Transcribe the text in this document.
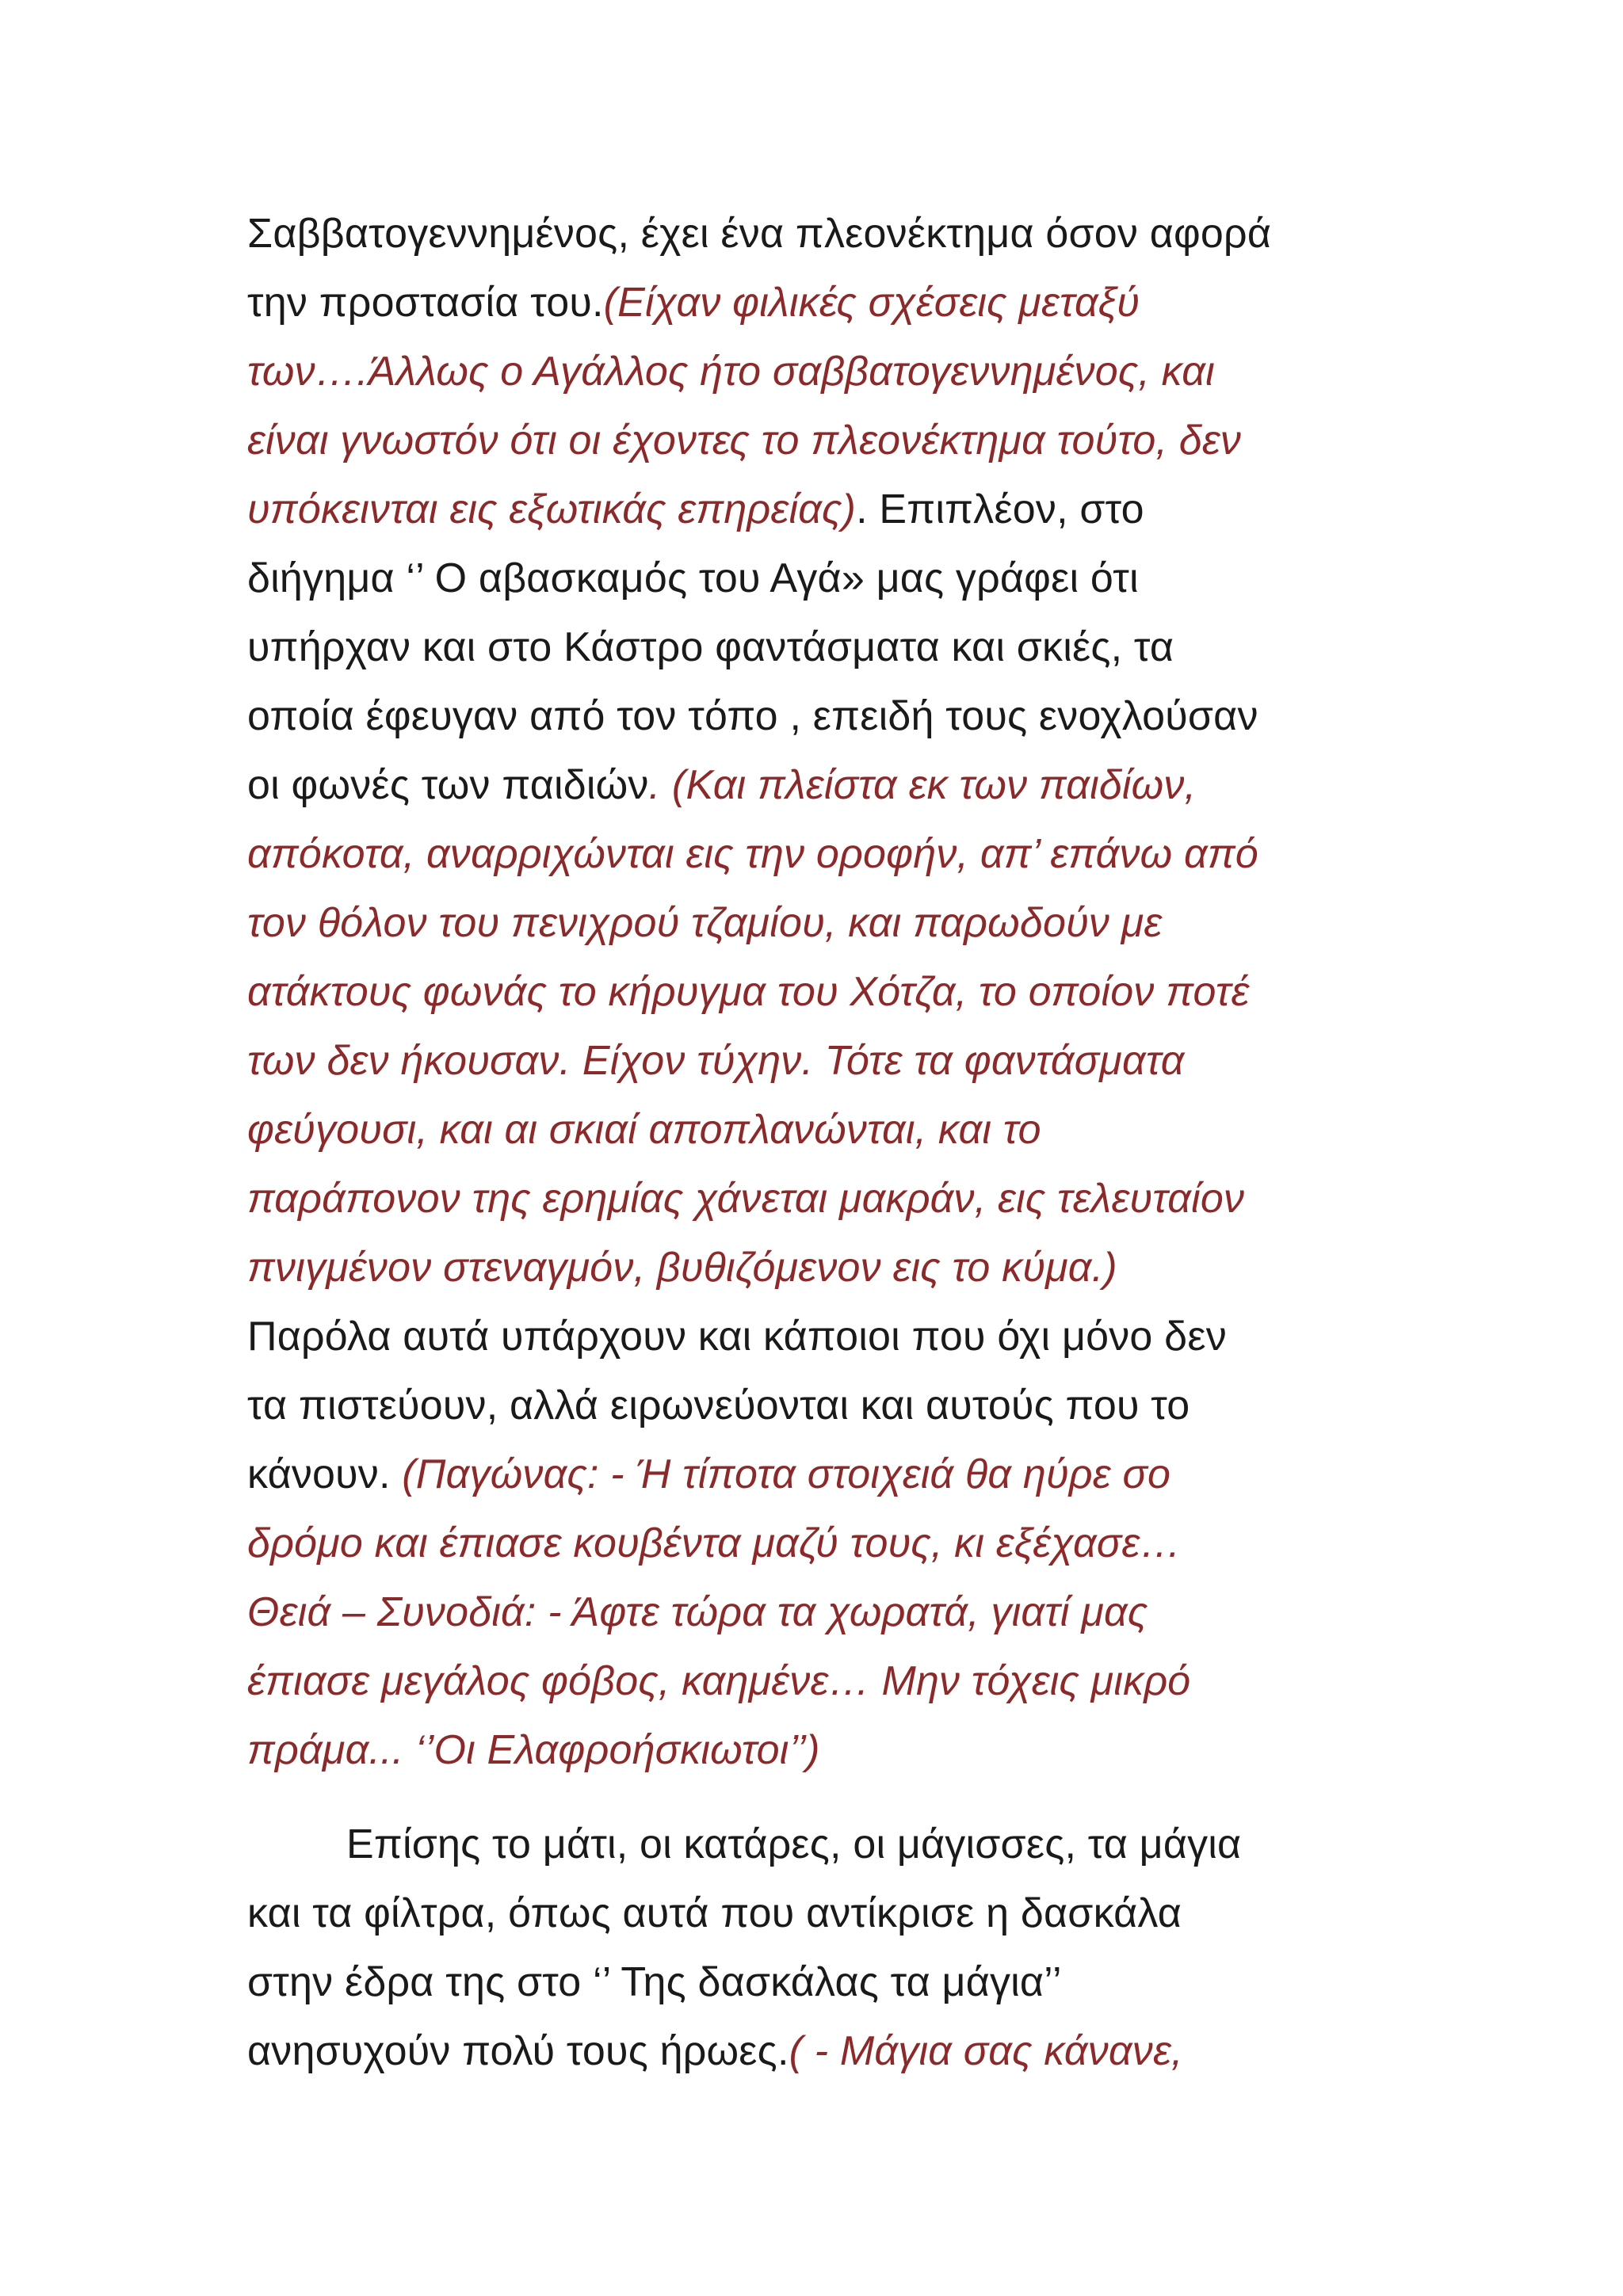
Σαββατογεννημένος, έχει ένα πλεονέκτημα όσον αφορά
την προστασία του.(Είχαν φιλικές σχέσεις μεταξύ
των….Άλλως ο Αγάλλος ήτο σαββατογεννημένος, και
είναι γνωστόν ότι οι έχοντες το πλεονέκτημα τούτο, δεν
υπόκεινται εις εξωτικάς επηρείας). Επιπλέον, στο
διήγημα ‘’ Ο αβασκαμός του Αγά» μας γράφει ότι
υπήρχαν και στο Κάστρο φαντάσματα και σκιές, τα
οποία έφευγαν από τον τόπο , επειδή τους ενοχλούσαν
οι φωνές των παιδιών. (Και πλείστα εκ των παιδίων,
απόκοτα, αναρριχώνται εις την οροφήν, απ’ επάνω από
τον θόλον του πενιχρού τζαμίου, και παρωδούν με
ατάκτους φωνάς το κήρυγμα του Χότζα, το οποίον ποτέ
των δεν ήκουσαν. Είχον τύχην. Τότε τα φαντάσματα
φεύγουσι, και αι σκιαί αποπλανώνται, και το
παράπονον της ερημίας χάνεται μακράν, εις τελευταίον
πνιγμένον στεναγμόν, βυθιζόμενον εις το κύμα.)
Παρόλα αυτά υπάρχουν και κάποιοι που όχι μόνο δεν
τα πιστεύουν, αλλά ειρωνεύονται και αυτούς που το
κάνουν. (Παγώνας: - Ή τίποτα στοιχειά θα ηύρε σο
δρόμο και έπιασε κουβέντα μαζύ τους, κι εξέχασε…
Θειά – Συνοδιά: - Άφτε τώρα τα χωρατά, γιατί μας
έπιασε μεγάλος φόβος, καημένε… Μην τόχεις μικρό
πράμα... ‘’Οι Ελαφροήσκιωτοι’’)
Επίσης το μάτι, οι κατάρες, οι μάγισσες, τα μάγια
και τα φίλτρα, όπως αυτά που αντίκρισε η δασκάλα
στην έδρα της στο ‘’ Της δασκάλας τα μάγια’’
ανησυχούν πολύ τους ήρωες.( - Μάγια σας κάνανε,
